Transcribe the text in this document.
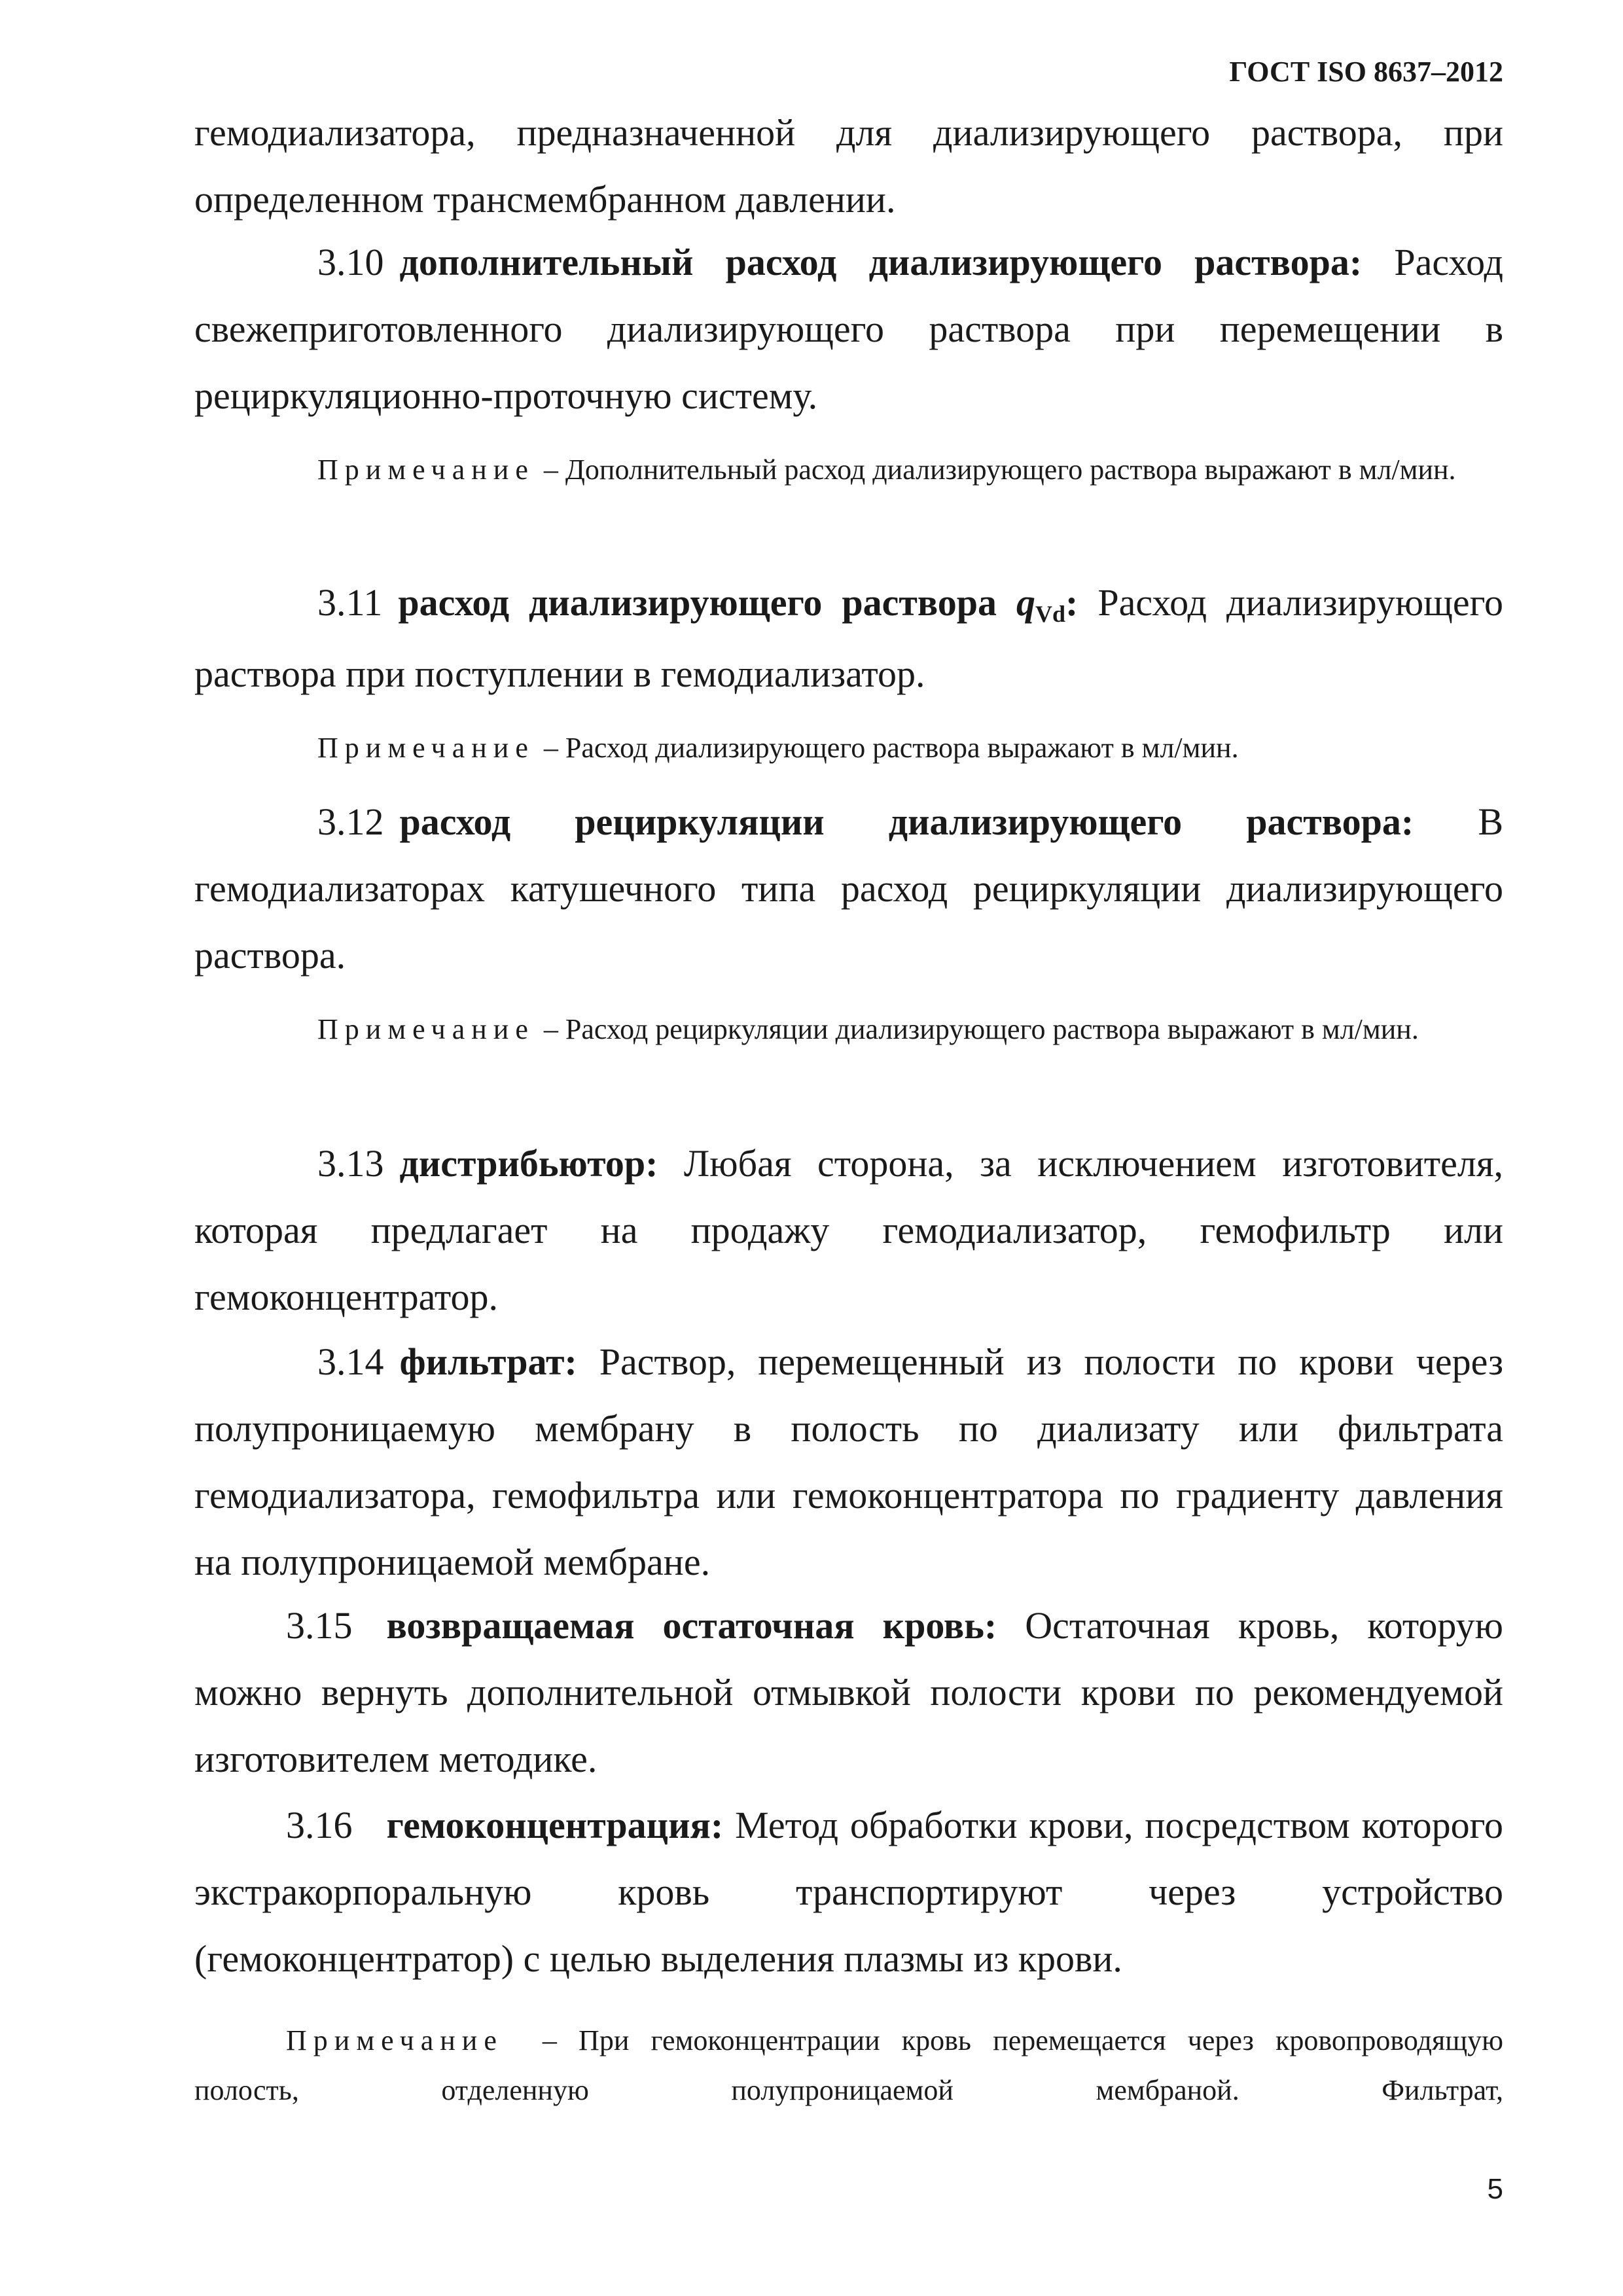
ГОСТ ISO 8637–2012

гемодиализатора, предназначенной для диализирующего раствора, при

определенном трансмембранном давлении.

3.10 дополнительный расход диализирующего раствора: Расход свежеприготовленного диализирующего раствора при перемещении в рециркуляционно-проточную систему.

Примечание – Дополнительный расход диализирующего раствора выражают в мл/мин.

3.11 расход диализирующего раствора qVd: Расход диализирующего раствора при поступлении в гемодиализатор.

Примечание – Расход диализирующего раствора выражают в мл/мин.

3.12 расход рециркуляции диализирующего раствора: В гемодиализаторах катушечного типа расход рециркуляции диализирующего раствора.

Примечание – Расход рециркуляции диализирующего раствора выражают в мл/мин.

3.13 дистрибьютор: Любая сторона, за исключением изготовителя, которая предлагает на продажу гемодиализатор, гемофильтр или гемоконцентратор.

3.14 фильтрат: Раствор, перемещенный из полости по крови через полупроницаемую мембрану в полость по диализату или фильтрата гемодиализатора, гемофильтра или гемоконцентратора по градиенту давления на полупроницаемой мембране.

3.15 возвращаемая остаточная кровь: Остаточная кровь, которую можно вернуть дополнительной отмывкой полости крови по рекомендуемой изготовителем методике.

3.16 гемоконцентрация: Метод обработки крови, посредством которого экстракорпоральную кровь транспортируют через устройство (гемоконцентратор) с целью выделения плазмы из крови.

Примечание – При гемоконцентрации кровь перемещается через кровопроводящую полость, отделенную полупроницаемой мембраной. Фильтрат,

5
